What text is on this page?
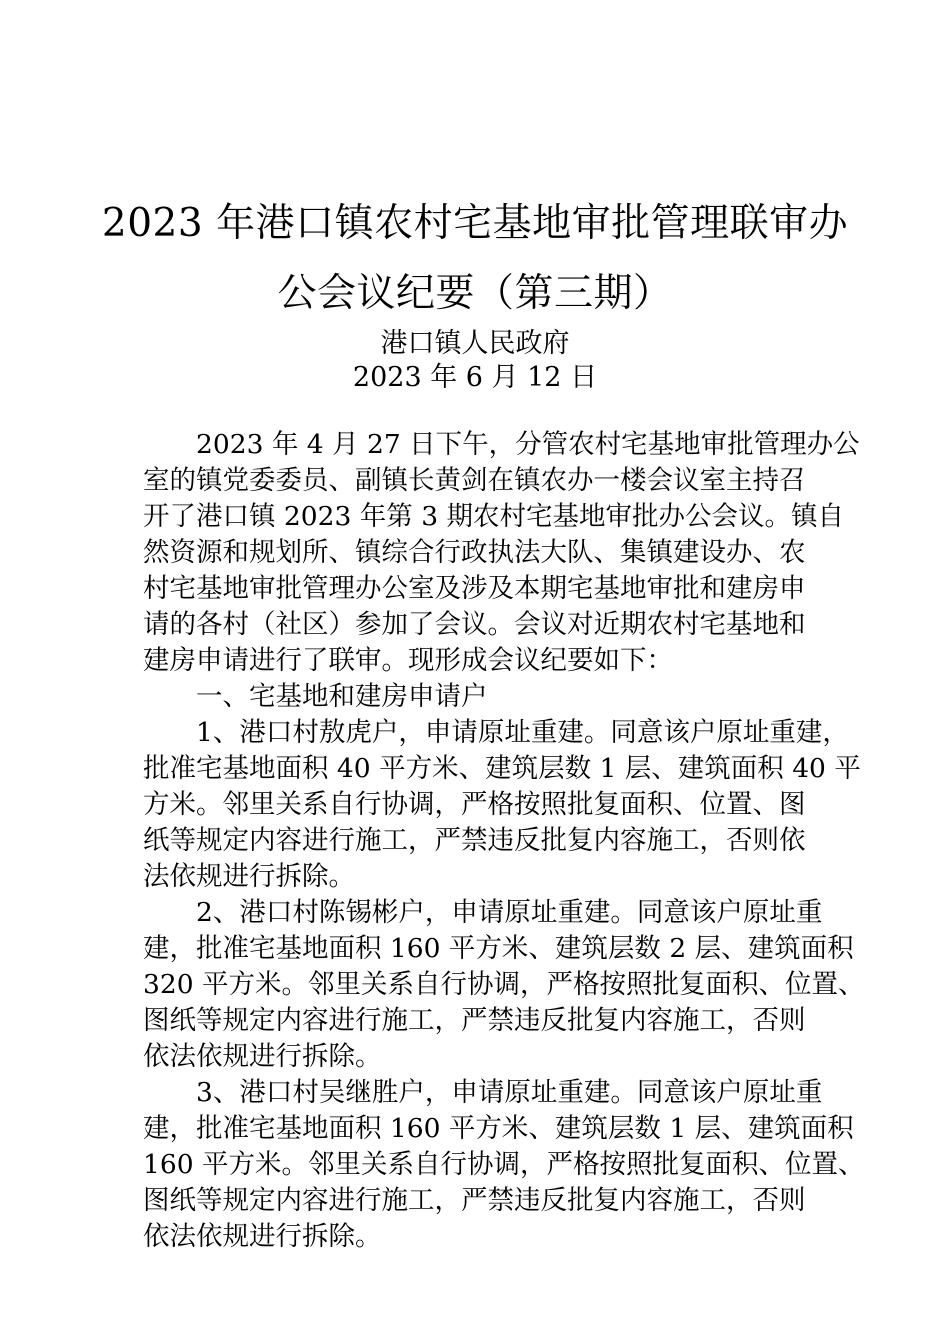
2023 年港口镇农村宅基地审批管理联审办
公会议纪要（第三期）
港口镇人民政府
2023 年 6 月 12 日
2023 年 4 月 27 日下午，分管农村宅基地审批管理办公
室的镇党委委员、副镇长黄剑在镇农办一楼会议室主持召
开了港口镇 2023 年第 3 期农村宅基地审批办公会议。镇自
然资源和规划所、镇综合行政执法大队、集镇建设办、农
村宅基地审批管理办公室及涉及本期宅基地审批和建房申
请的各村（社区）参加了会议。会议对近期农村宅基地和
建房申请进行了联审。现形成会议纪要如下：
一、宅基地和建房申请户
1、港口村敖虎户，申请原址重建。同意该户原址重建，
批准宅基地面积 40 平方米、建筑层数 1 层、建筑面积 40 平
方米。邻里关系自行协调，严格按照批复面积、位置、图
纸等规定内容进行施工，严禁违反批复内容施工，否则依
法依规进行拆除。
2、港口村陈锡彬户，申请原址重建。同意该户原址重
建，批准宅基地面积 160 平方米、建筑层数 2 层、建筑面积
320 平方米。邻里关系自行协调，严格按照批复面积、位置、
图纸等规定内容进行施工，严禁违反批复内容施工，否则
依法依规进行拆除。
3、港口村吴继胜户，申请原址重建。同意该户原址重
建，批准宅基地面积 160 平方米、建筑层数 1 层、建筑面积
160 平方米。邻里关系自行协调，严格按照批复面积、位置、
图纸等规定内容进行施工，严禁违反批复内容施工，否则
依法依规进行拆除。
